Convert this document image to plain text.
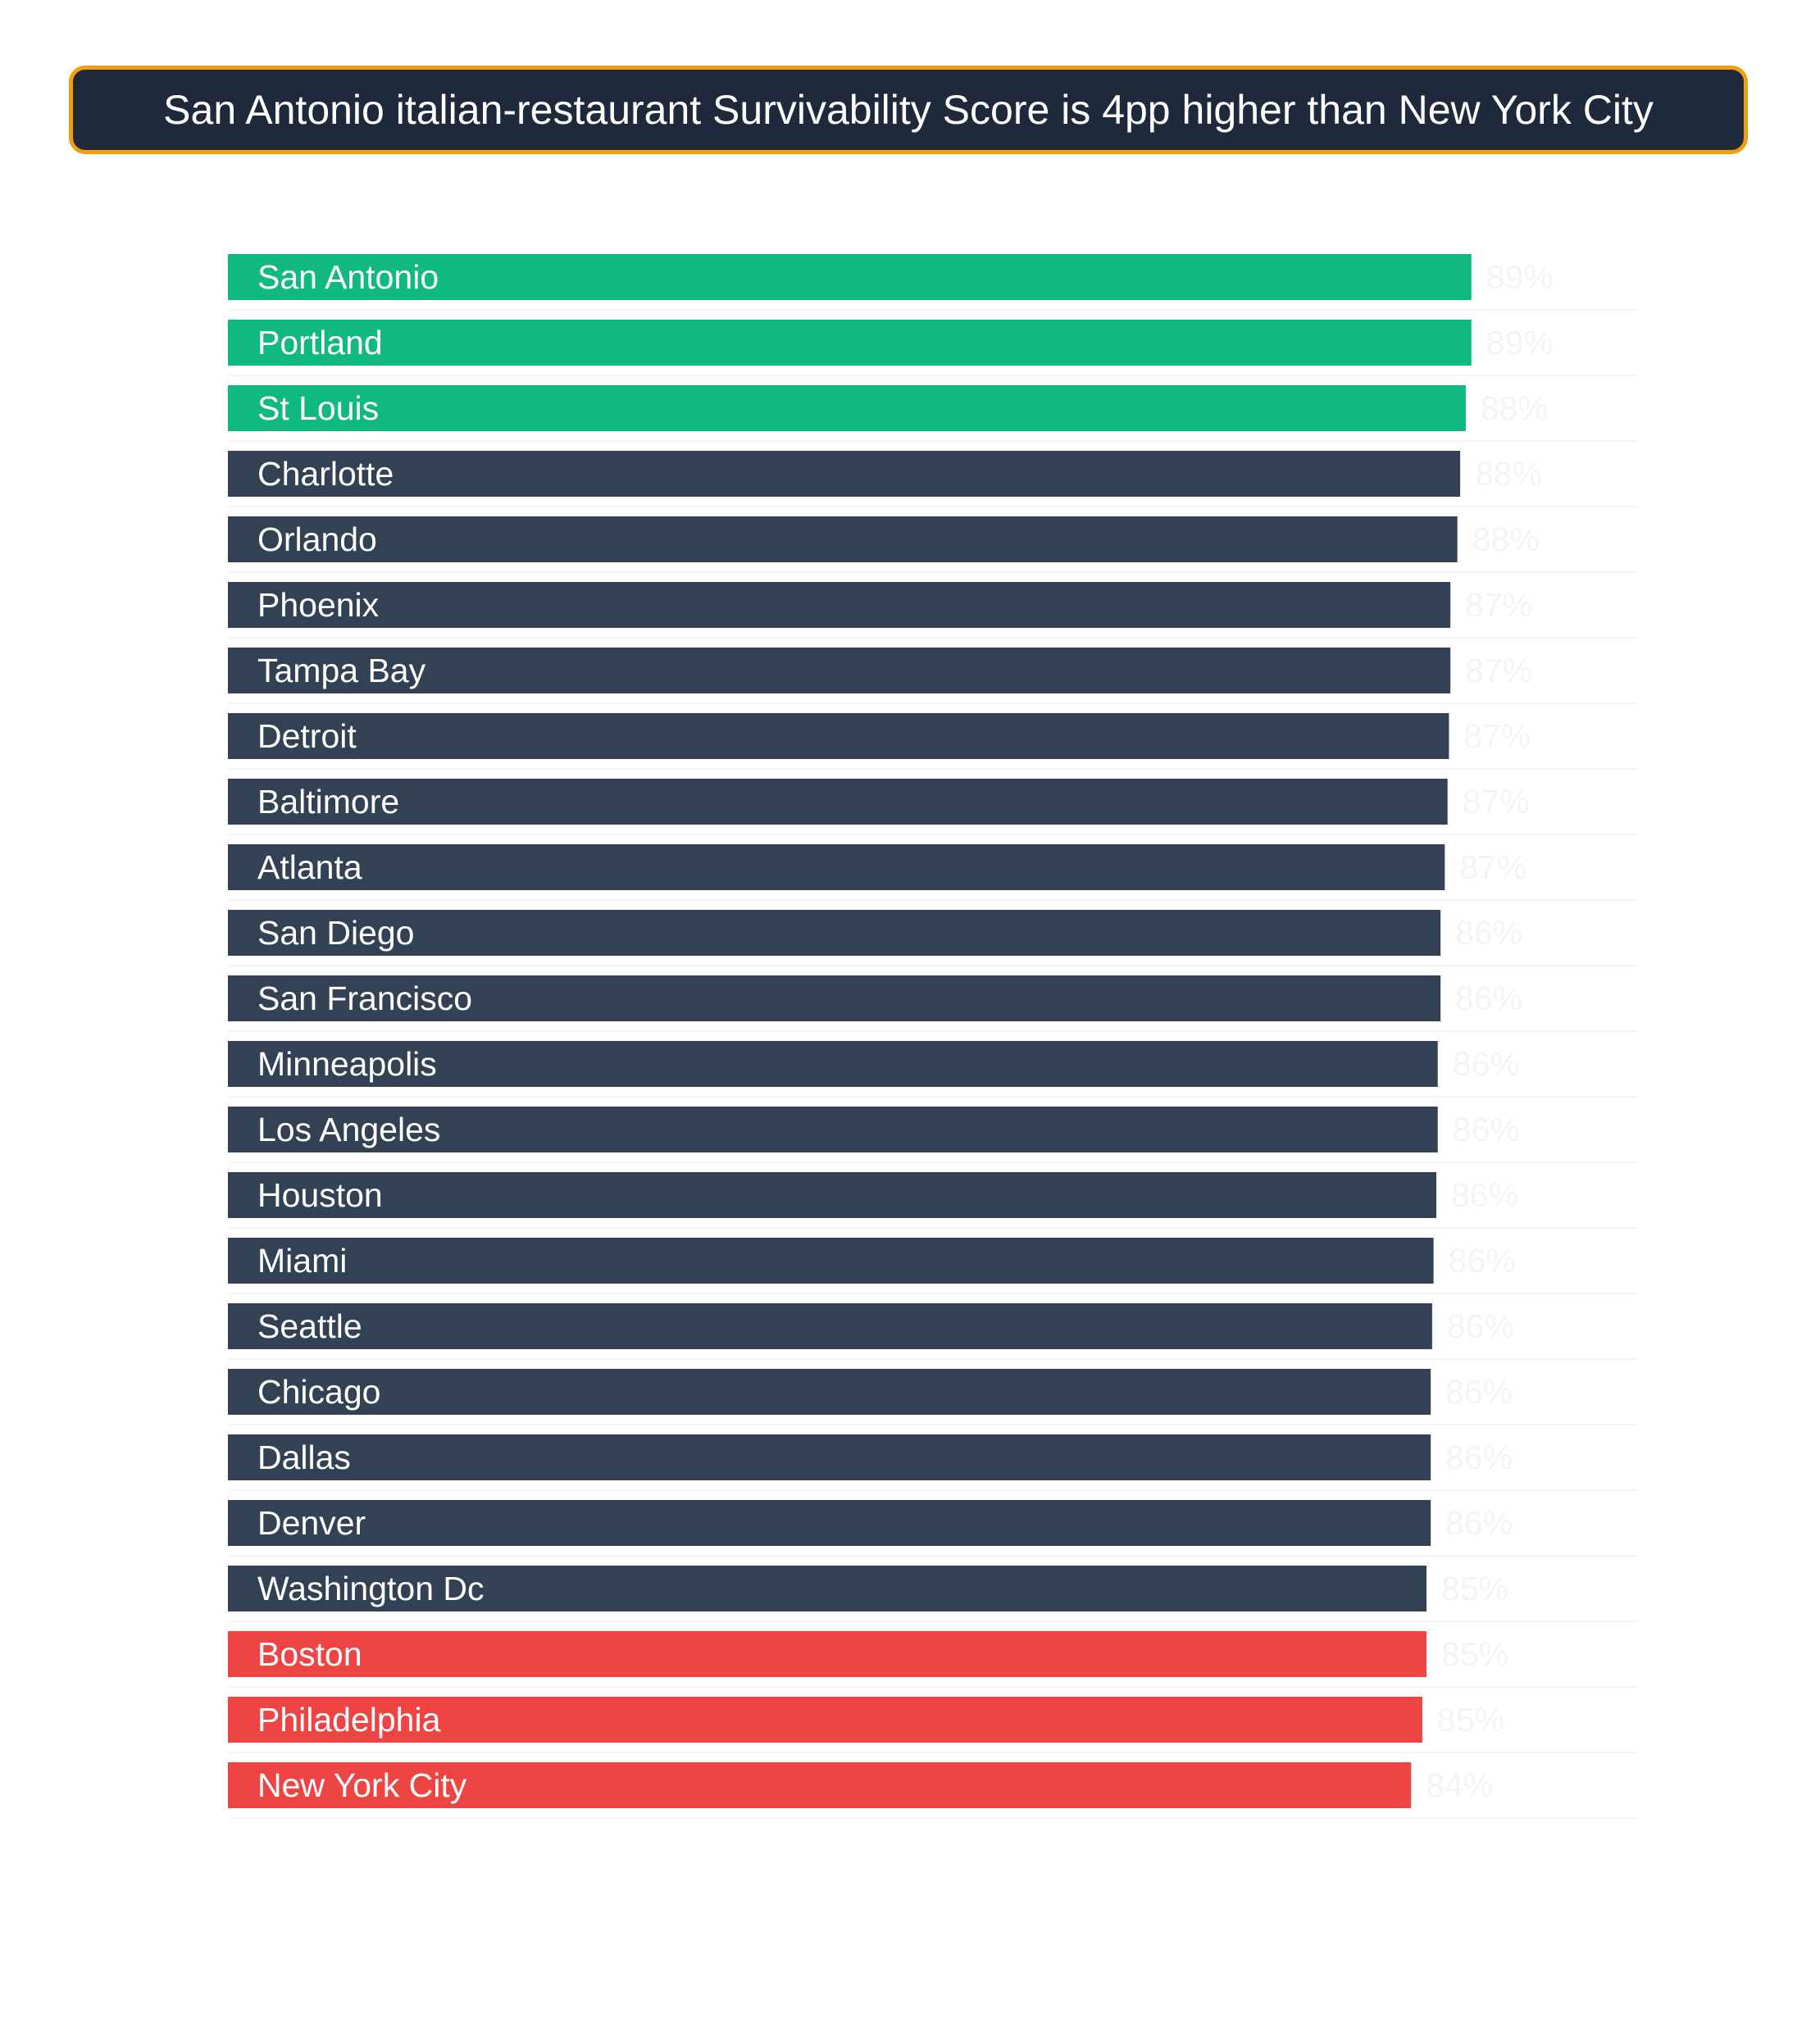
San Antonio italian-restaurant Survivability Score is 4pp higher than New York City
San Antonio	89%
Portland	89%
St Louis	88%
Charlotte	88%
Orlando	88%
Phoenix	87%
Tampa Bay	87%
Detroit	87%
Baltimore	87%
Atlanta	87%
San Diego	86%
San Francisco	86%
Minneapolis	86%
Los Angeles	86%
Houston	86%
Miami	86%
Seattle	86%
Chicago	86%
Dallas	86%
Denver	86%
Washington Dc	85%
Boston	85%
Philadelphia	85%
New York City	84%
